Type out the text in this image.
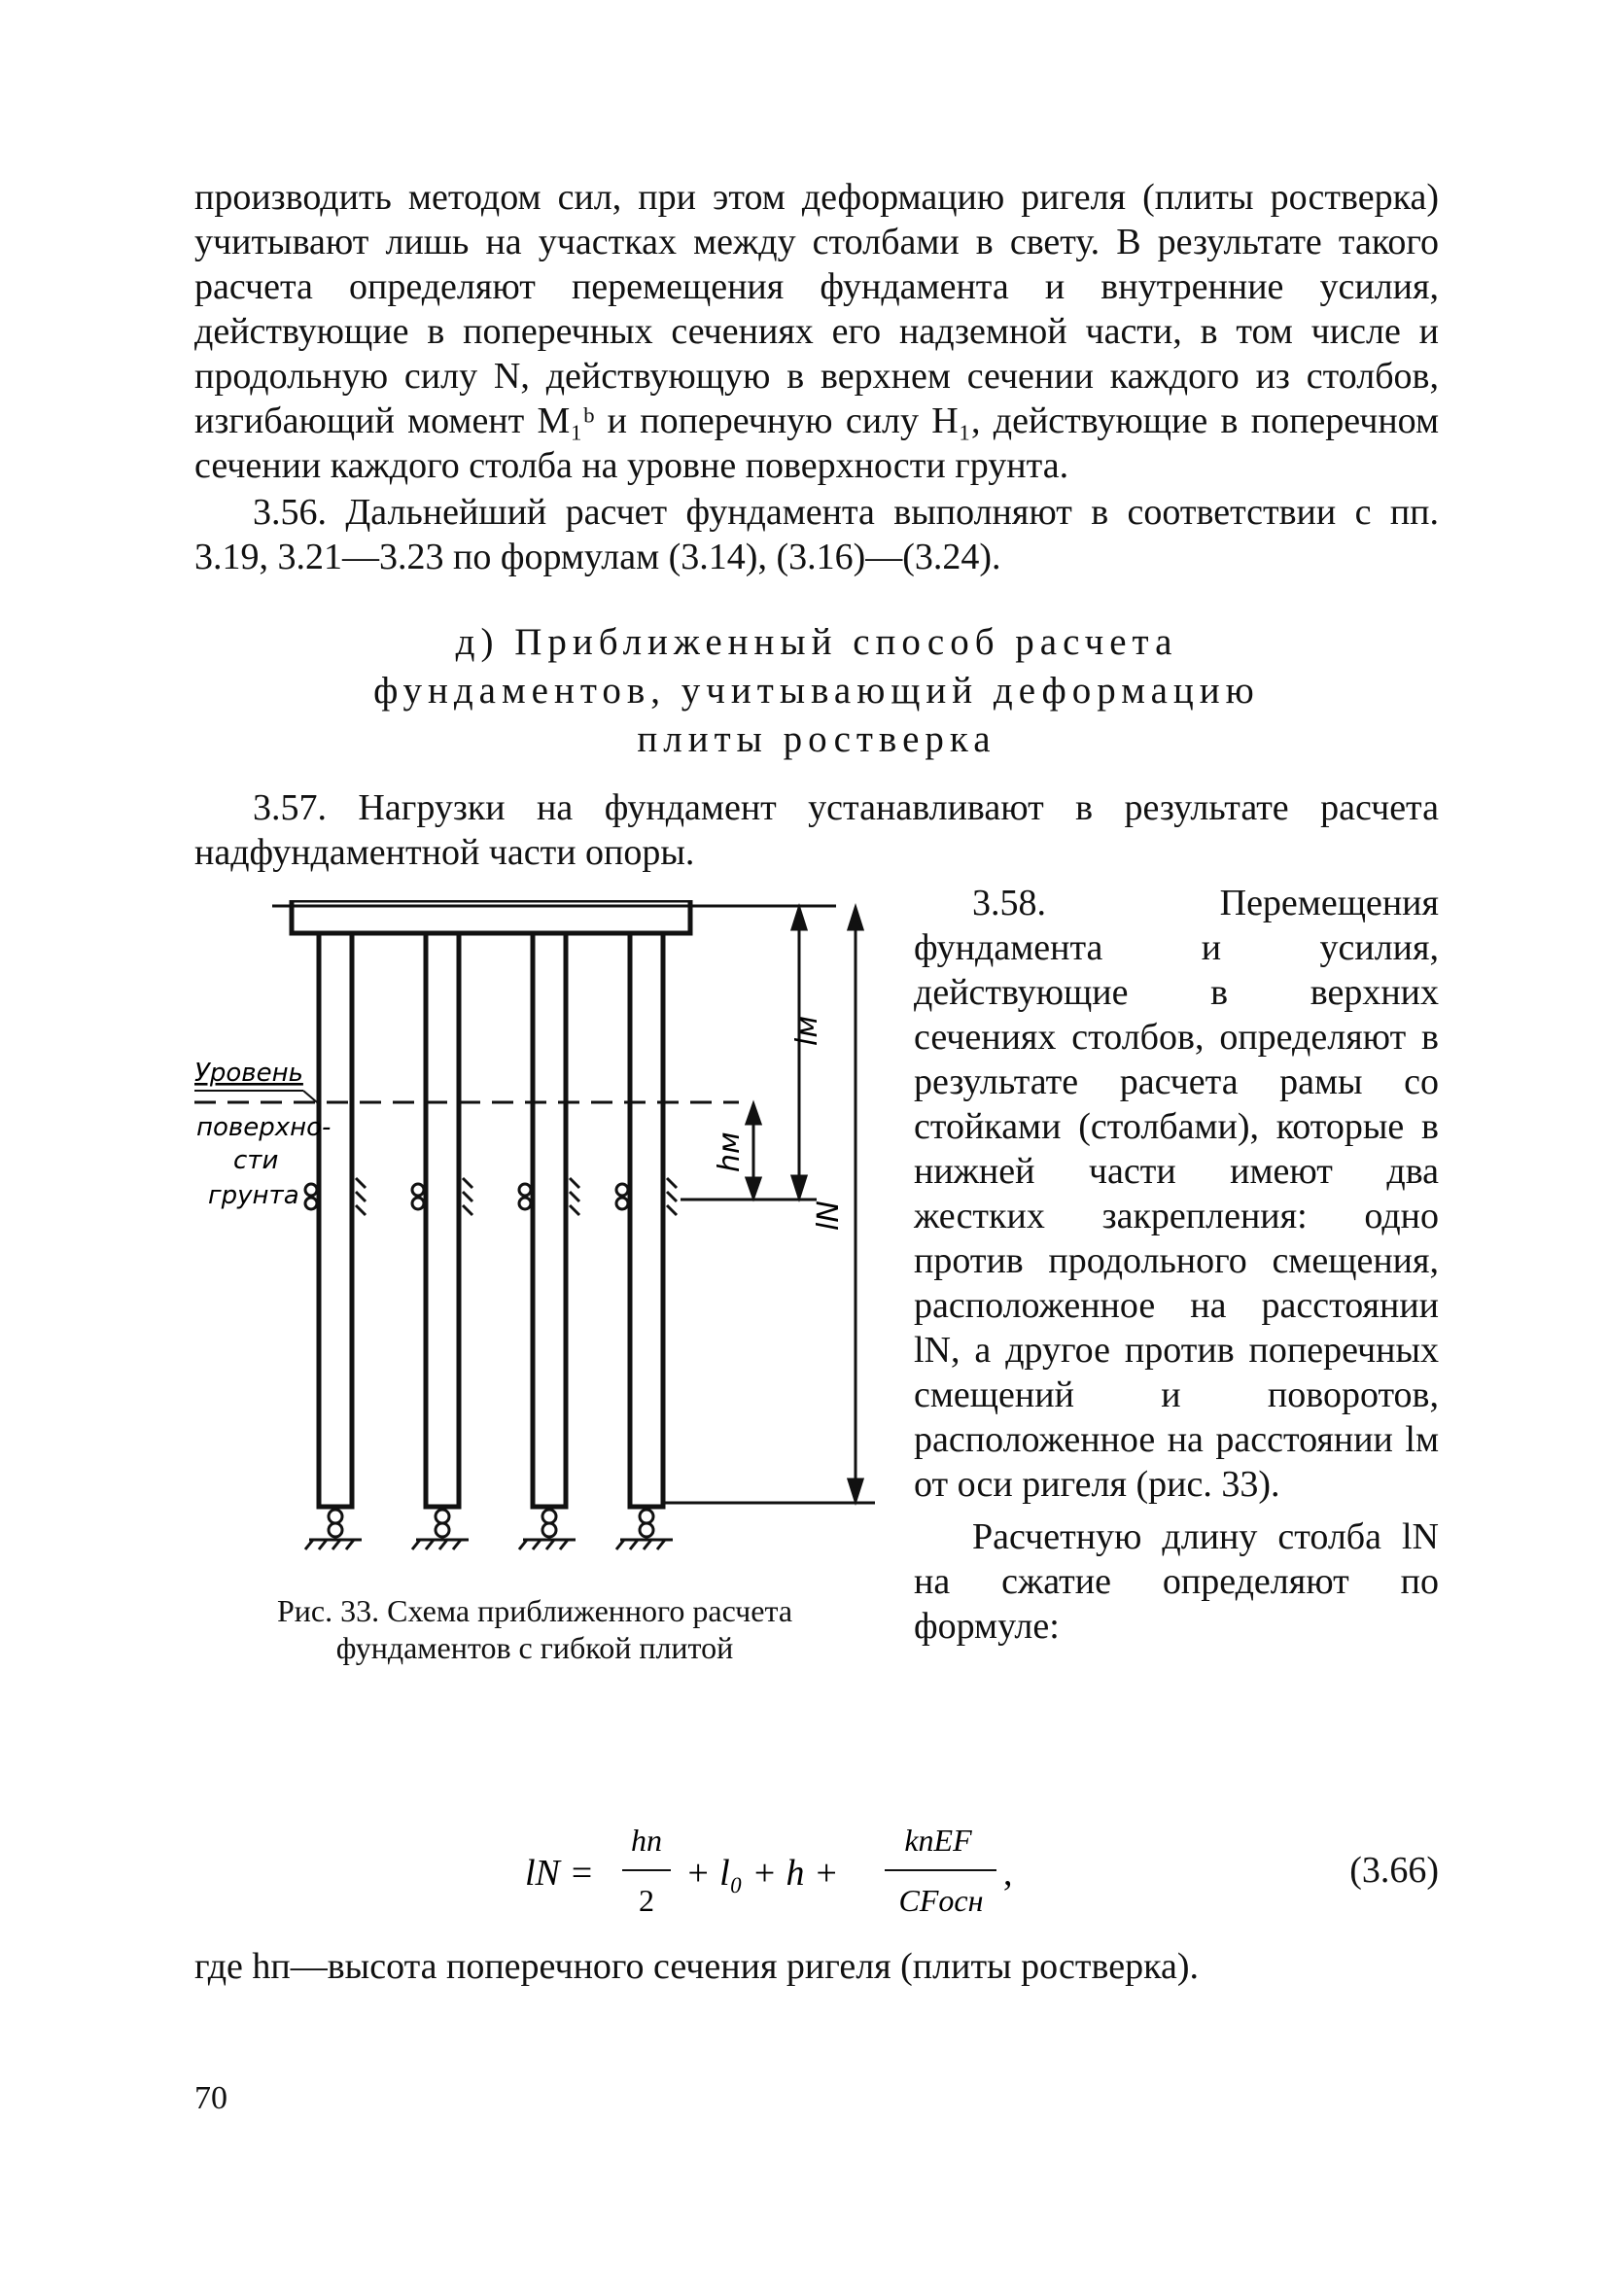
производить методом сил, при этом деформацию ригеля (плиты ростверка) учитывают лишь на участках между столбами в свету. В результате такого расчета определяют перемещения фундамента и внутренние усилия, действующие в поперечных сечениях его надземной части, в том числе и продольную силу N, действующую в верхнем сечении каждого из столбов, изгибающий момент M₁ᵇ и поперечную силу H₁, действующие в поперечном сечении каждого столба на уровне поверхности грунта.

3.56. Дальнейший расчет фундамента выполняют в соответствии с пп. 3.19, 3.21—3.23 по формулам (3.14), (3.16)—(3.24).

д) Приближенный способ расчета
фундаментов, учитывающий деформацию
плиты ростверка

3.57. Нагрузки на фундамент устанавливают в результате расчета надфундаментной части опоры.

lм
hм
lN
Уровень
поверхно-
сти
грунта
Рис. 33. Схема приближенного расчета
фундаментов с гибкой плитой

3.58. Перемещения фундамента и усилия, действующие в верхних сечениях столбов, определяют в результате расчета рамы со стойками (столбами), которые в нижней части имеют два жестких закрепления: одно против продольного смещения, расположенное на расстоянии lN, а другое против поперечных смещений и поворотов, расположенное на расстоянии lм от оси ригеля (рис. 33).

Расчетную длину столба lN на сжатие определяют по формуле:

lN =
hп
2
+ l₀ + h +
kпEF
CFосн
,	(3.66)

где hп—высота поперечного сечения ригеля (плиты ростверка).

70
